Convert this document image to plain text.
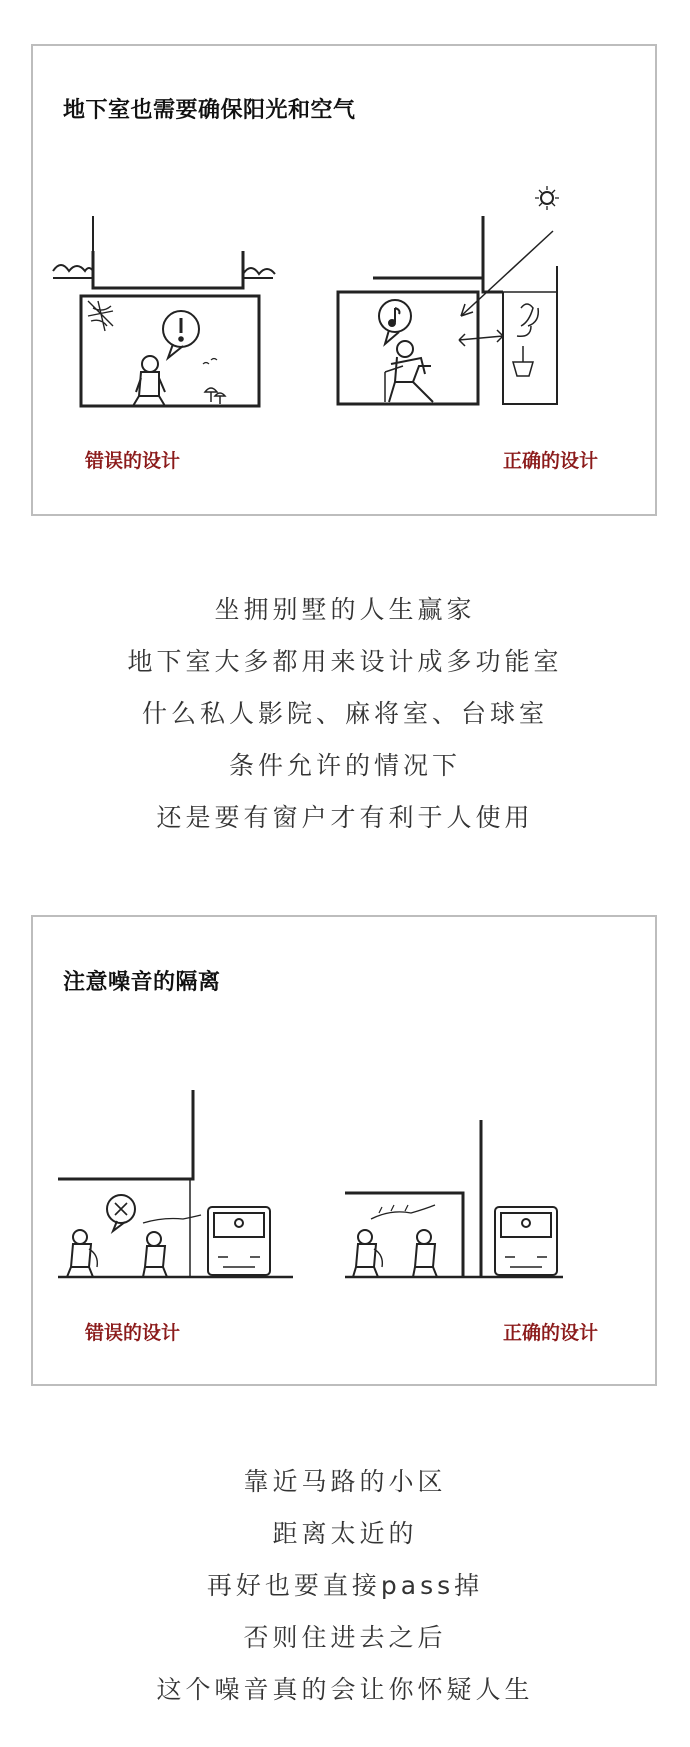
地下室也需要确保阳光和空气
错误的设计	正确的设计

坐拥别墅的人生赢家

地下室大多都用来设计成多功能室

什么私人影院、麻将室、台球室

条件允许的情况下

还是要有窗户才有利于人使用

注意噪音的隔离
错误的设计	正确的设计

靠近马路的小区

距离太近的

再好也要直接pass掉

否则住进去之后

这个噪音真的会让你怀疑人生
